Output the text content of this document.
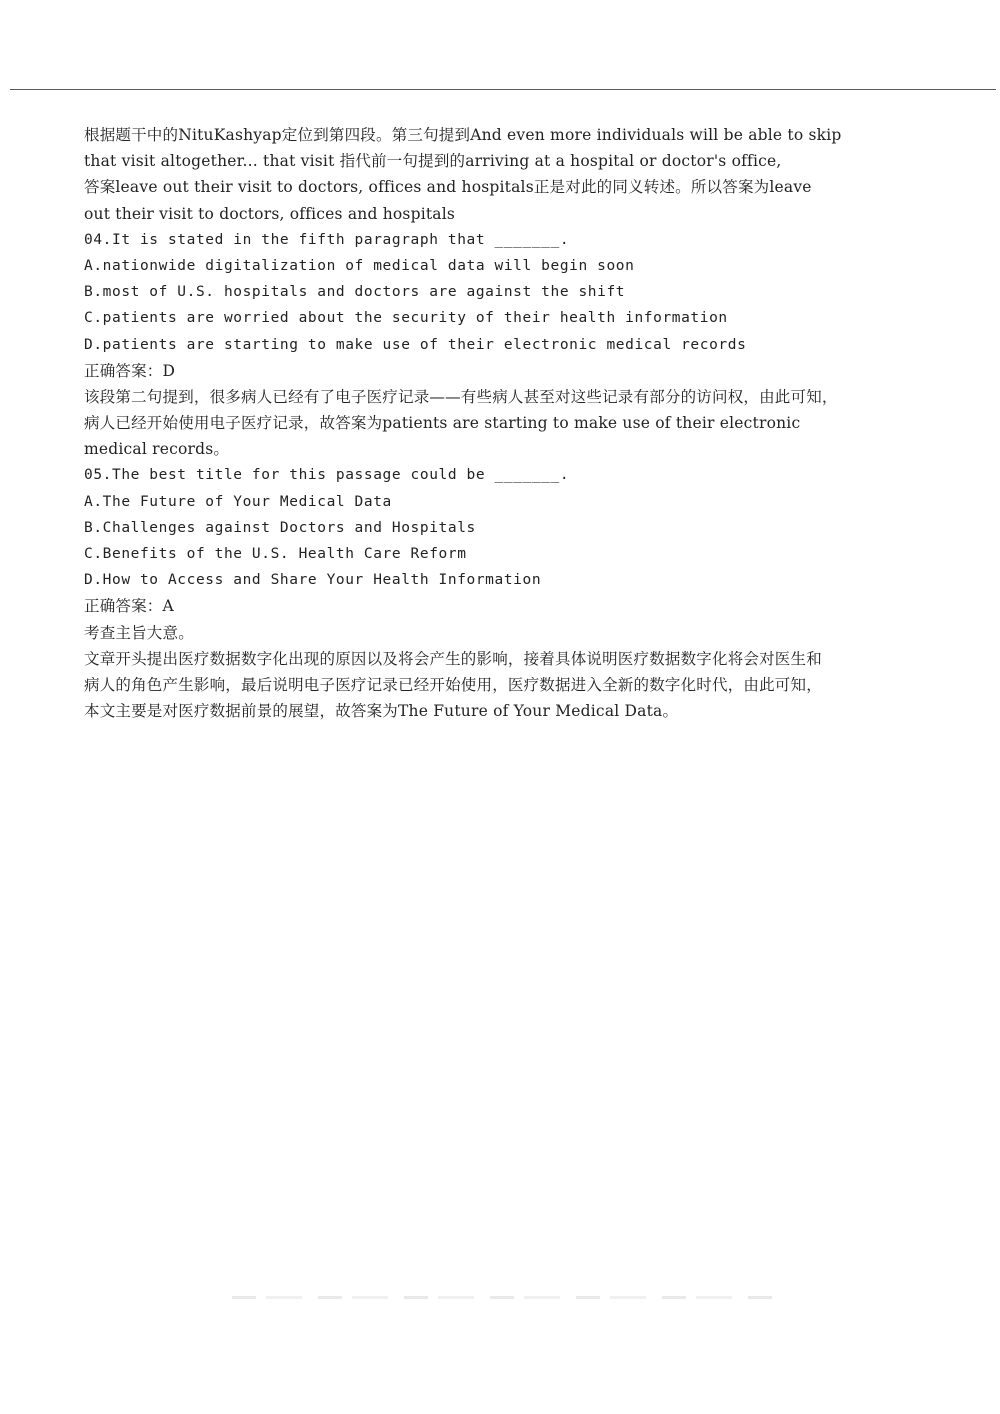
根据题干中的NituKashyap定位到第四段。第三句提到And even more individuals will be able to skip
that visit altogether... that visit 指代前一句提到的arriving at a hospital or doctor's office,
答案leave out their visit to doctors, offices and hospitals正是对此的同义转述。所以答案为leave
out their visit to doctors, offices and hospitals
04.It is stated in the fifth paragraph that _______.
A.nationwide digitalization of medical data will begin soon
B.most of U.S. hospitals and doctors are against the shift
C.patients are worried about the security of their health information
D.patients are starting to make use of their electronic medical records
正确答案：D
该段第二句提到，很多病人已经有了电子医疗记录——有些病人甚至对这些记录有部分的访问权，由此可知，
病人已经开始使用电子医疗记录，故答案为patients are starting to make use of their electronic
medical records。
05.The best title for this passage could be _______.
A.The Future of Your Medical Data
B.Challenges against Doctors and Hospitals
C.Benefits of the U.S. Health Care Reform
D.How to Access and Share Your Health Information
正确答案：A
考查主旨大意。
文章开头提出医疗数据数字化出现的原因以及将会产生的影响，接着具体说明医疗数据数字化将会对医生和
病人的角色产生影响，最后说明电子医疗记录已经开始使用，医疗数据进入全新的数字化时代，由此可知，
本文主要是对医疗数据前景的展望，故答案为The Future of Your Medical Data。
